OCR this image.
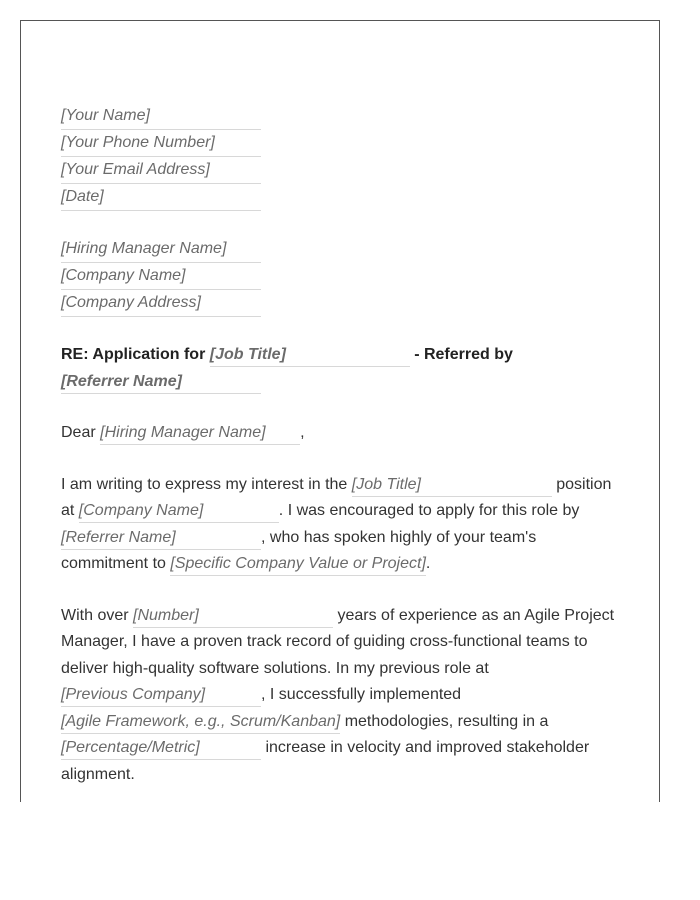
[Your Name]
[Your Phone Number]
[Your Email Address]
[Date]
[Hiring Manager Name]
[Company Name]
[Company Address]

RE: Application for [Job Title]	- Referred by
[Referrer Name]

Dear [Hiring Manager Name] ,

I am writing to express my interest in the [Job Title]	position at [Company Name]	. I was encouraged to apply for this role by [Referrer Name]	, who has spoken highly of your team's commitment to [Specific Company Value or Project].

With over [Number]	years of experience as an Agile Project Manager, I have a proven track record of guiding cross-functional teams to deliver high-quality software solutions. In my previous role at [Previous Company]	, I successfully implemented [Agile Framework, e.g., Scrum/Kanban] methodologies, resulting in a [Percentage/Metric]	increase in velocity and improved stakeholder alignment.
